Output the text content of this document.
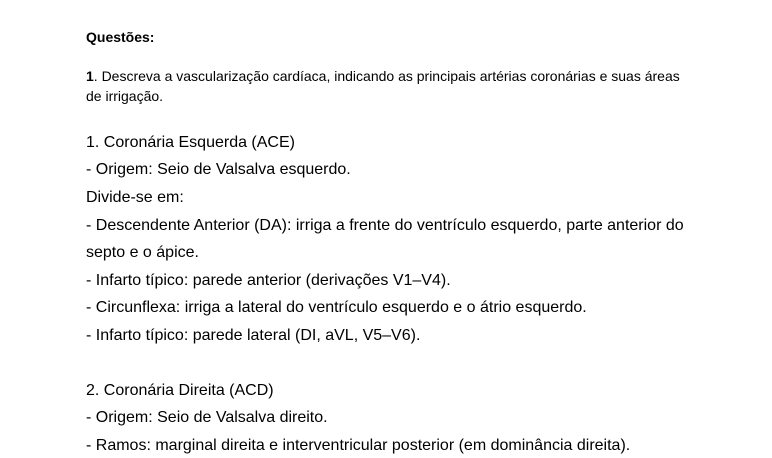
Questões:
1. Descreva a vascularização cardíaca, indicando as principais artérias coronárias e suas áreas de irrigação.
1. Coronária Esquerda (ACE)
- Origem: Seio de Valsalva esquerdo.
Divide-se em:
- Descendente Anterior (DA): irriga a frente do ventrículo esquerdo, parte anterior do
septo e o ápice.
- Infarto típico: parede anterior (derivações V1–V4).
- Circunflexa: irriga a lateral do ventrículo esquerdo e o átrio esquerdo.
- Infarto típico: parede lateral (DI, aVL, V5–V6).
2. Coronária Direita (ACD)
- Origem: Seio de Valsalva direito.
- Ramos: marginal direita e interventricular posterior (em dominância direita).
